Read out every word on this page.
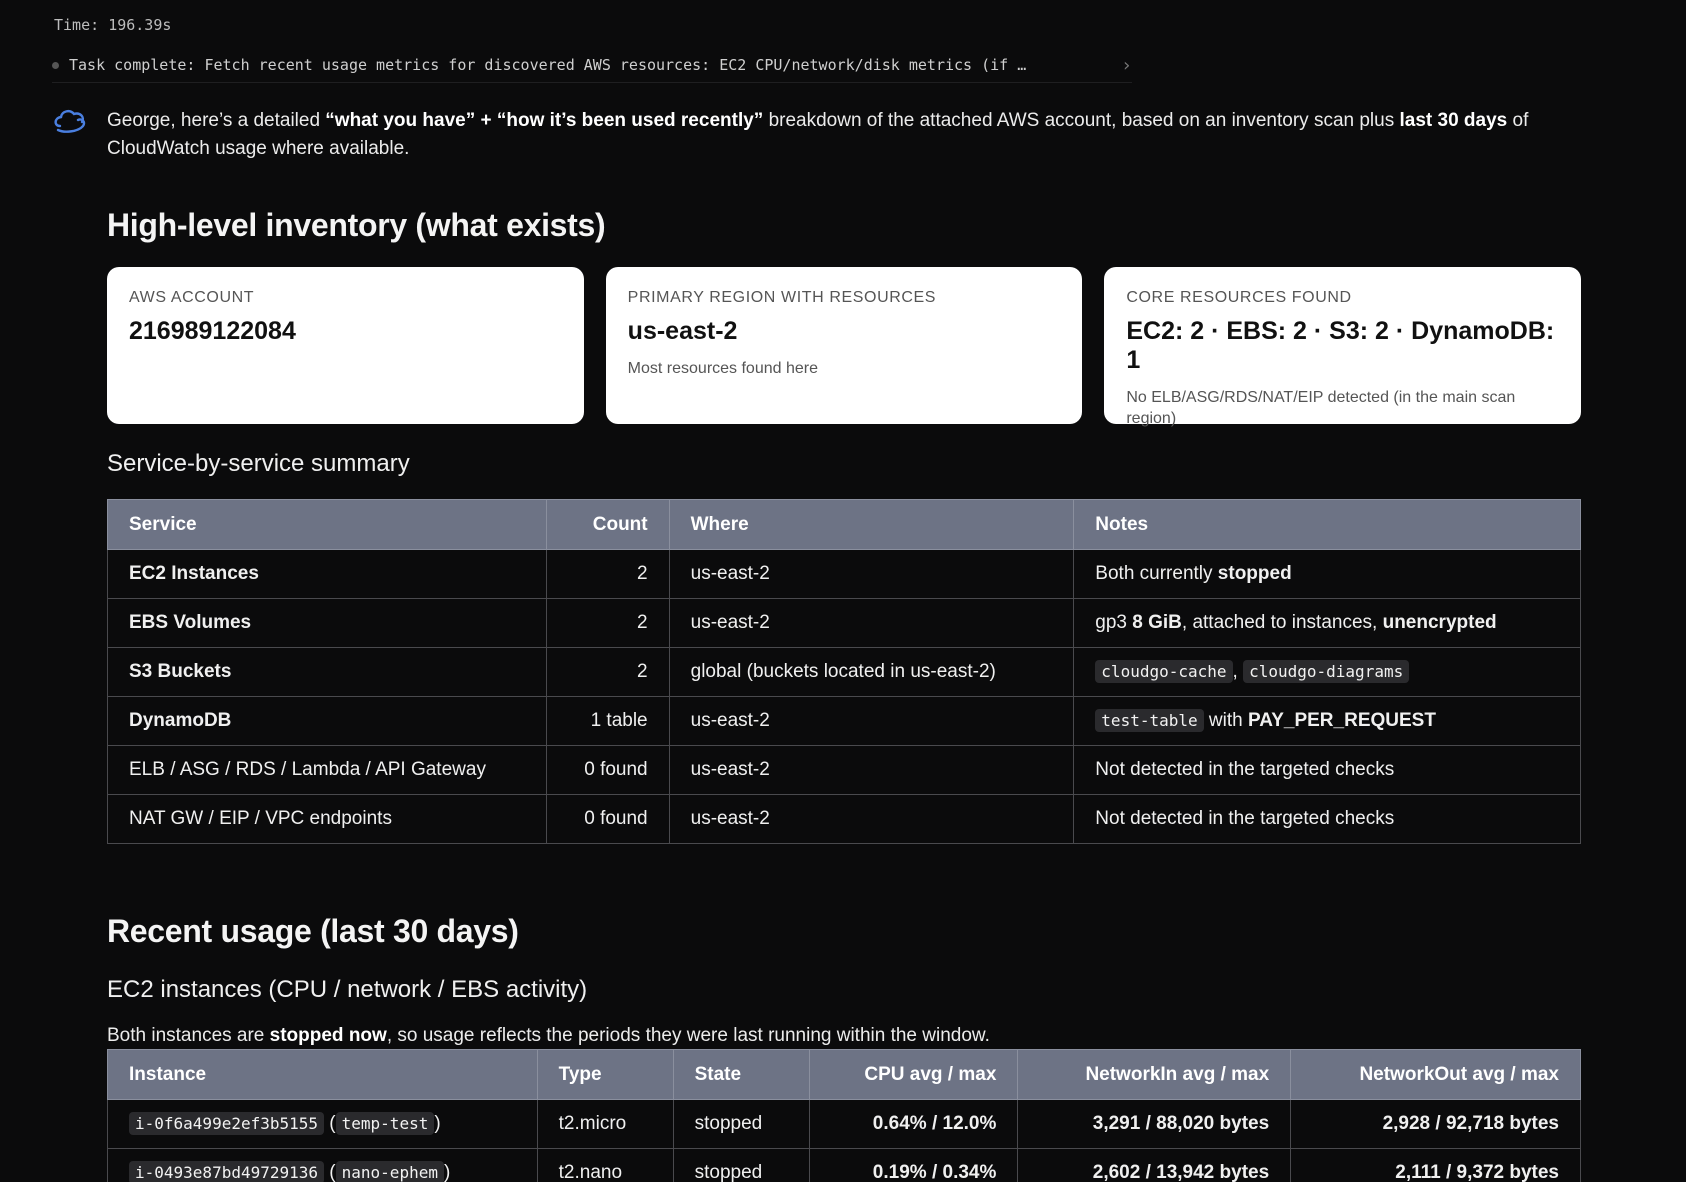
Time: 196.39s
Task complete: Fetch recent usage metrics for discovered AWS resources: EC2 CPU/network/disk metrics (if …	›
George, here’s a detailed “what you have” + “how it’s been used recently” breakdown of the attached AWS account, based on an inventory scan plus last 30 days of CloudWatch usage where available.
High-level inventory (what exists)
AWS ACCOUNT
216989122084
PRIMARY REGION WITH RESOURCES
us-east-2
Most resources found here
CORE RESOURCES FOUND
EC2: 2 · EBS: 2 · S3: 2 · DynamoDB: 1
No ELB/ASG/RDS/NAT/EIP detected (in the main scan region)
Service-by-service summary
Service	Count	Where	Notes
EC2 Instances	2	us-east-2	Both currently stopped
EBS Volumes	2	us-east-2	gp3 8 GiB, attached to instances, unencrypted
S3 Buckets	2	global (buckets located in us-east-2)	cloudgo-cache , cloudgo-diagrams
DynamoDB	1 table	us-east-2	test-table with PAY_PER_REQUEST
ELB / ASG / RDS / Lambda / API Gateway	0 found	us-east-2	Not detected in the targeted checks
NAT GW / EIP / VPC endpoints	0 found	us-east-2	Not detected in the targeted checks
Recent usage (last 30 days)
EC2 instances (CPU / network / EBS activity)
Both instances are stopped now, so usage reflects the periods they were last running within the window.
Instance	Type	State	CPU avg / max	NetworkIn avg / max	NetworkOut avg / max
i-0f6a499e2ef3b5155 ( temp-test )	t2.micro	stopped	0.64% / 12.0%	3,291 / 88,020 bytes	2,928 / 92,718 bytes
i-0493e87bd49729136 ( nano-ephem )	t2.nano	stopped	0.19% / 0.34%	2,602 / 13,942 bytes	2,111 / 9,372 bytes
